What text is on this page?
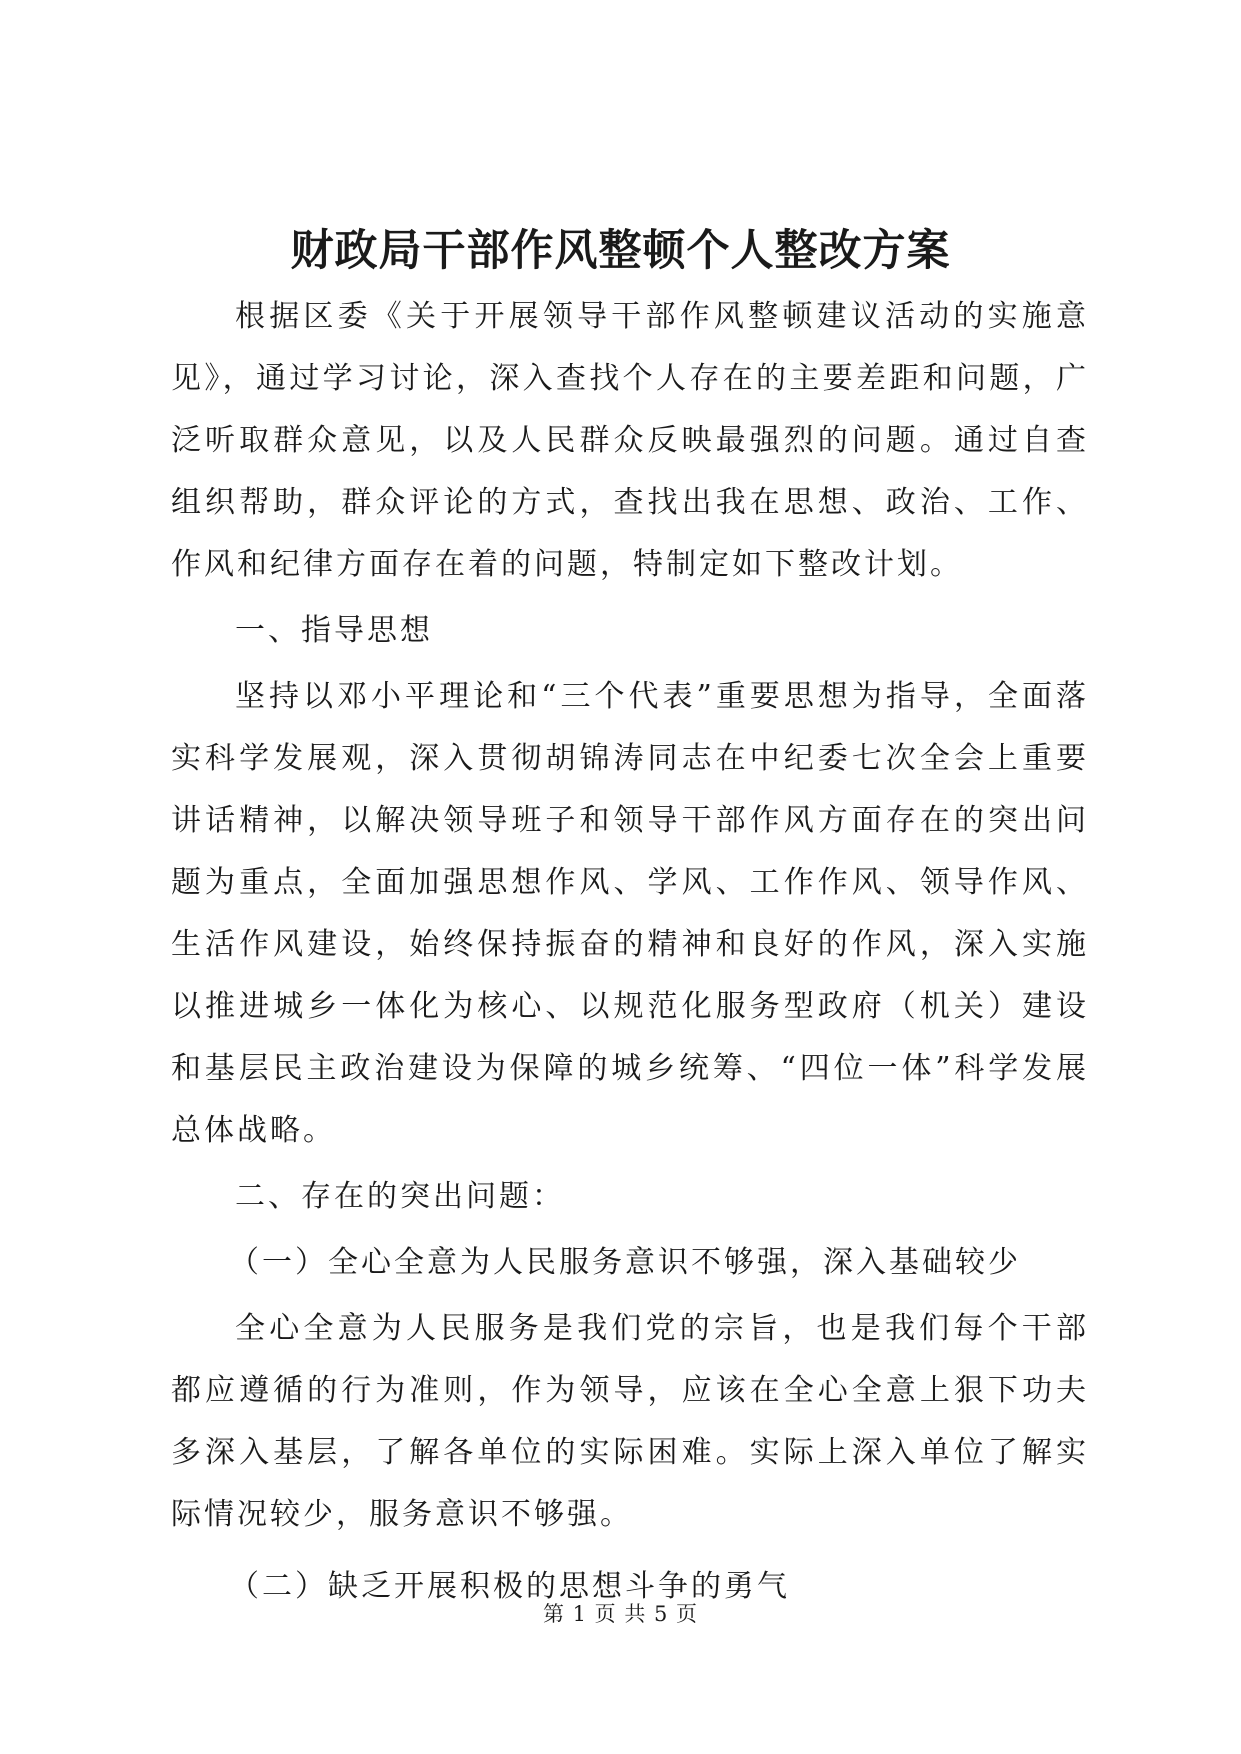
财政局干部作风整顿个人整改方案

根据区委《关于开展领导干部作风整顿建议活动的实施意见》，通过学习讨论，深入查找个人存在的主要差距和问题，广泛听取群众意见，以及人民群众反映最强烈的问题。通过自查组织帮助，群众评论的方式，查找出我在思想、政治、工作、作风和纪律方面存在着的问题，特制定如下整改计划。

一、指导思想

坚持以邓小平理论和“三个代表”重要思想为指导，全面落实科学发展观，深入贯彻胡锦涛同志在中纪委七次全会上重要讲话精神，以解决领导班子和领导干部作风方面存在的突出问题为重点，全面加强思想作风、学风、工作作风、领导作风、生活作风建设，始终保持振奋的精神和良好的作风，深入实施以推进城乡一体化为核心、以规范化服务型政府（机关）建设和基层民主政治建设为保障的城乡统筹、“四位一体”科学发展总体战略。

二、存在的突出问题：

（一）全心全意为人民服务意识不够强，深入基础较少

全心全意为人民服务是我们党的宗旨，也是我们每个干部都应遵循的行为准则，作为领导，应该在全心全意上狠下功夫多深入基层，了解各单位的实际困难。实际上深入单位了解实际情况较少，服务意识不够强。

（二）缺乏开展积极的思想斗争的勇气

第 1 页 共 5 页
